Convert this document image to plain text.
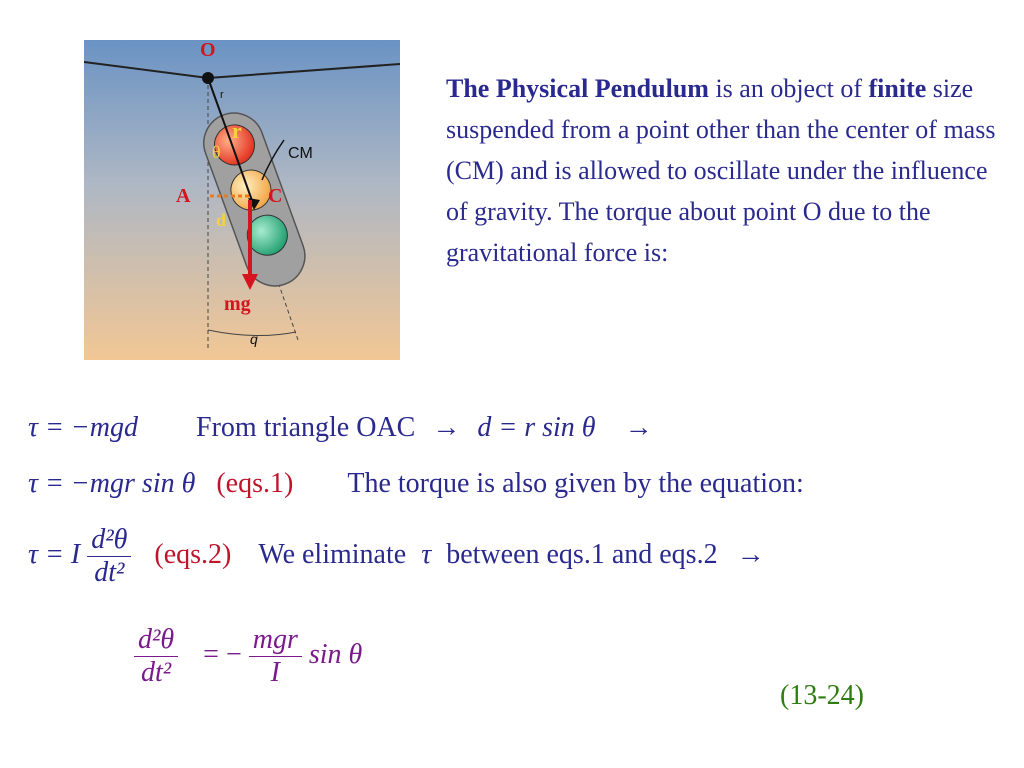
O
r
r
θ	CM
A	C
d
mg
q
The Physical Pendulum is an object of finite size suspended from a point other than the center of mass (CM) and is allowed to oscillate under the influence of gravity. The torque about point O due to the gravitational force is:
τ = −mgd From triangle OAC → d = r sin θ →
τ = −mgr sin θ (eqs.1) The torque is also given by the equation:
τ = I $\frac{\text{d²θ}}{\text{dt²}} (eqs.2)$ We eliminate τ between eqs.1 and eqs.2 →
$\frac{\text{d²θ}}{\text{dt²}}$ = − $\frac{\text{mgr}}{I}$ sin θ
(13-24)
